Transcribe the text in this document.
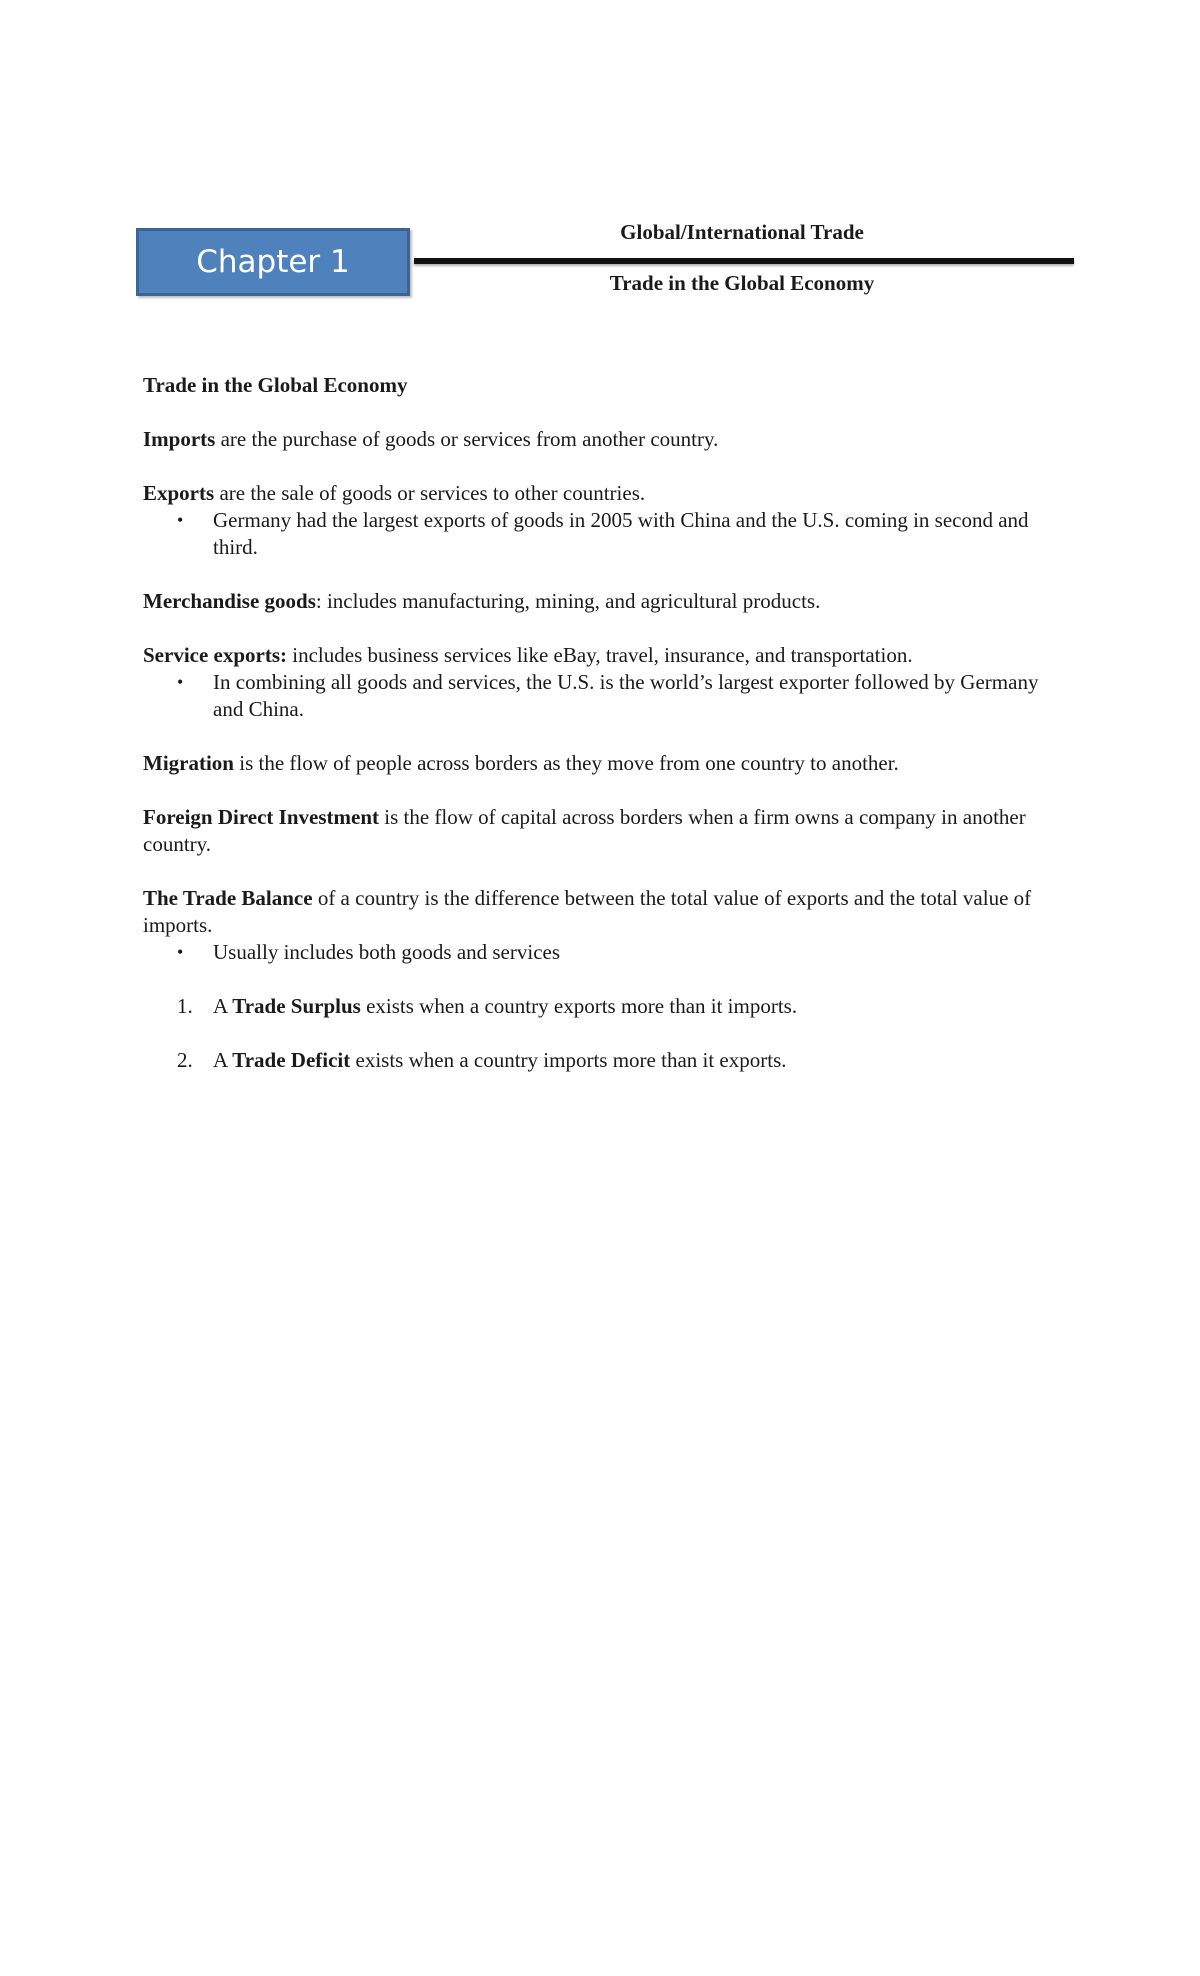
Chapter 1
Global/International Trade
Trade in the Global Economy

Trade in the Global Economy

Imports are the purchase of goods or services from another country.

Exports are the sale of goods or services to other countries.

• Germany had the largest exports of goods in 2005 with China and the U.S. coming in second and third.

Merchandise goods: includes manufacturing, mining, and agricultural products.

Service exports: includes business services like eBay, travel, insurance, and transportation.

• In combining all goods and services, the U.S. is the world’s largest exporter followed by Germany and China.

Migration is the flow of people across borders as they move from one country to another.

Foreign Direct Investment is the flow of capital across borders when a firm owns a company in another country.

The Trade Balance of a country is the difference between the total value of exports and the total value of imports.

• Usually includes both goods and services
1. A Trade Surplus exists when a country exports more than it imports.
2. A Trade Deficit exists when a country imports more than it exports.
